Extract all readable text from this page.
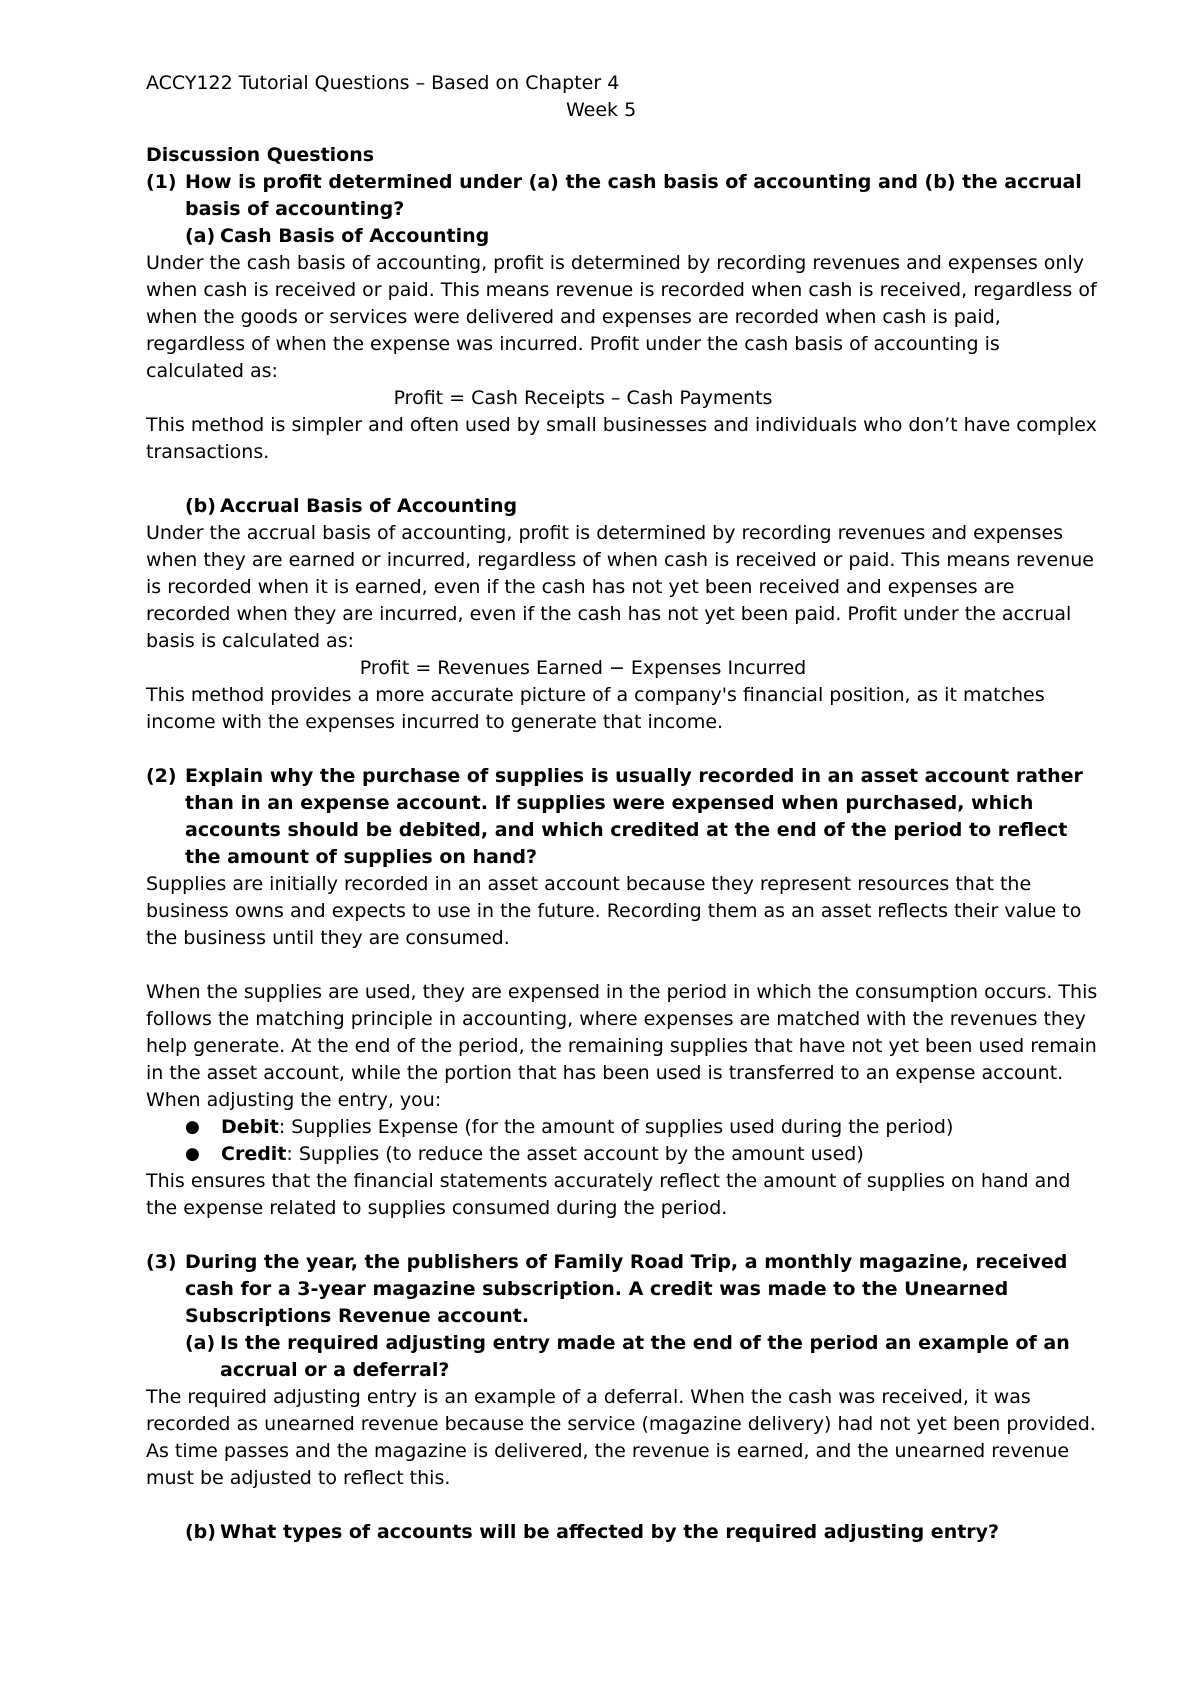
ACCY122 Tutorial Questions – Based on Chapter 4
Week 5
Discussion Questions
(1) How is profit determined under (a) the cash basis of accounting and (b) the accrual basis of accounting?
(a) Cash Basis of Accounting
Under the cash basis of accounting, profit is determined by recording revenues and expenses only when cash is received or paid. This means revenue is recorded when cash is received, regardless of when the goods or services were delivered and expenses are recorded when cash is paid, regardless of when the expense was incurred. Profit under the cash basis of accounting is calculated as:
Profit = Cash Receipts – Cash Payments
This method is simpler and often used by small businesses and individuals who don’t have complex transactions.
(b) Accrual Basis of Accounting
Under the accrual basis of accounting, profit is determined by recording revenues and expenses when they are earned or incurred, regardless of when cash is received or paid. This means revenue is recorded when it is earned, even if the cash has not yet been received and expenses are recorded when they are incurred, even if the cash has not yet been paid. Profit under the accrual basis is calculated as:
Profit = Revenues Earned − Expenses Incurred
This method provides a more accurate picture of a company's financial position, as it matches income with the expenses incurred to generate that income.
(2) Explain why the purchase of supplies is usually recorded in an asset account rather than in an expense account. If supplies were expensed when purchased, which accounts should be debited, and which credited at the end of the period to reflect the amount of supplies on hand?
Supplies are initially recorded in an asset account because they represent resources that the business owns and expects to use in the future. Recording them as an asset reflects their value to the business until they are consumed.
When the supplies are used, they are expensed in the period in which the consumption occurs. This follows the matching principle in accounting, where expenses are matched with the revenues they help generate. At the end of the period, the remaining supplies that have not yet been used remain in the asset account, while the portion that has been used is transferred to an expense account. When adjusting the entry, you:
●	Debit: Supplies Expense (for the amount of supplies used during the period)
●	Credit: Supplies (to reduce the asset account by the amount used)
This ensures that the financial statements accurately reflect the amount of supplies on hand and the expense related to supplies consumed during the period.
(3) During the year, the publishers of Family Road Trip, a monthly magazine, received cash for a 3-year magazine subscription. A credit was made to the Unearned Subscriptions Revenue account.
(a) Is the required adjusting entry made at the end of the period an example of an accrual or a deferral?
The required adjusting entry is an example of a deferral. When the cash was received, it was recorded as unearned revenue because the service (magazine delivery) had not yet been provided. As time passes and the magazine is delivered, the revenue is earned, and the unearned revenue must be adjusted to reflect this.
(b) What types of accounts will be affected by the required adjusting entry?
